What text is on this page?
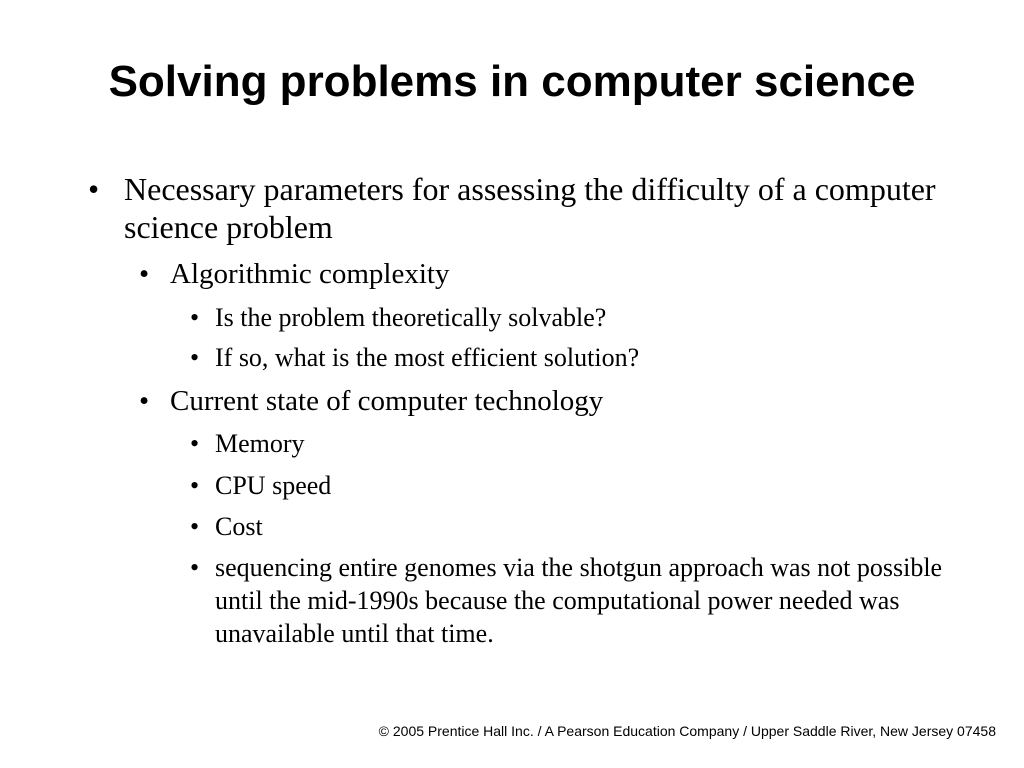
Solving problems in computer science
• Necessary parameters for assessing the difficulty of a computer science problem
• Algorithmic complexity
• Is the problem theoretically solvable?
• If so, what is the most efficient solution?
• Current state of computer technology
• Memory
• CPU speed
• Cost
• sequencing entire genomes via the shotgun approach was not possible until the mid-1990s because the computational power needed was unavailable until that time.
© 2005 Prentice Hall Inc. / A Pearson Education Company / Upper Saddle River, New Jersey 07458
